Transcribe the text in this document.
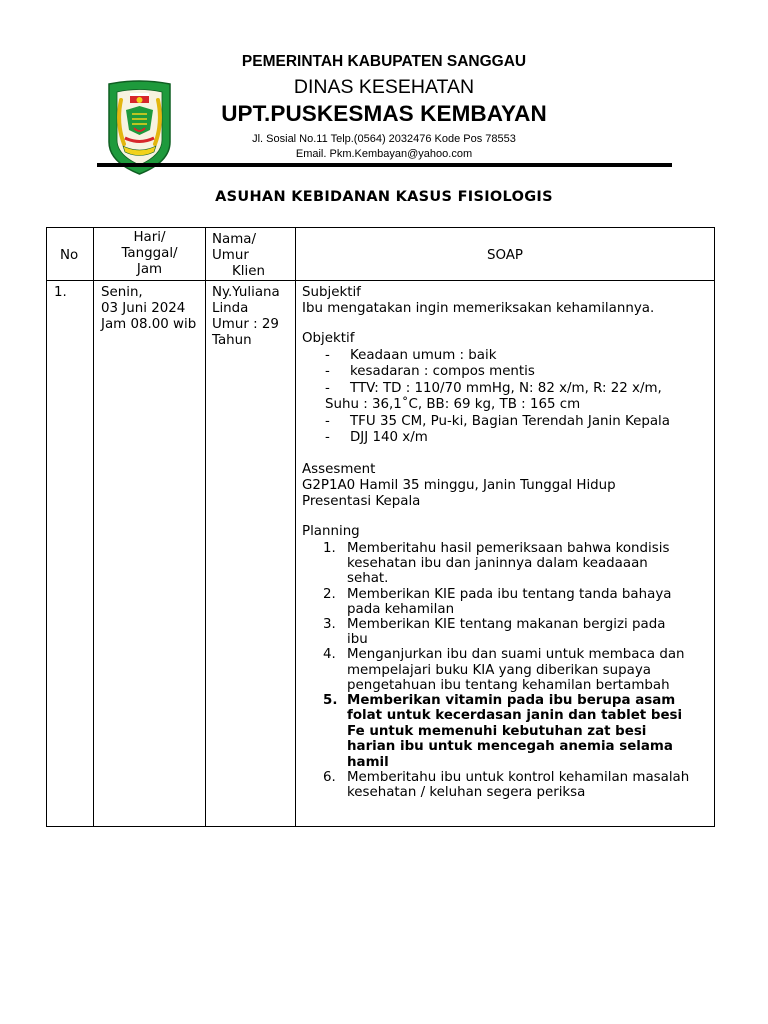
PEMERINTAH KABUPATEN SANGGAU
DINAS KESEHATAN
UPT.PUSKESMAS KEMBAYAN
Jl. Sosial No.11 Telp.(0564) 2032476 Kode Pos 78553
Email. Pkm.Kembayan@yahoo.com
ASUHAN KEBIDANAN KASUS FISIOLOGIS
No
Hari/
Tanggal/
Jam
Nama/
Umur
Klien
SOAP
1.	Senin,
03 Juni 2024
Jam 08.00 wib
Ny.Yuliana
Linda
Umur : 29
Tahun
Subjektif
Ibu mengatakan ingin memeriksakan kehamilannya.
Objektif
- Keadaan umum : baik
- kesadaran : compos mentis
- TTV: TD : 110/70 mmHg, N: 82 x/m, R: 22 x/m,
Suhu : 36,1˚C, BB: 69 kg, TB : 165 cm
- TFU 35 CM, Pu-ki, Bagian Terendah Janin Kepala
- DJJ 140 x/m
Assesment
G2P1A0 Hamil 35 minggu, Janin Tunggal Hidup
Presentasi Kepala
Planning
1. Memberitahu hasil pemeriksaan bahwa kondisis
kesehatan ibu dan janinnya dalam keadaaan
sehat.
2. Memberikan KIE pada ibu tentang tanda bahaya
pada kehamilan
3. Memberikan KIE tentang makanan bergizi pada
ibu
4. Menganjurkan ibu dan suami untuk membaca dan
mempelajari buku KIA yang diberikan supaya
pengetahuan ibu tentang kehamilan bertambah
5. Memberikan vitamin pada ibu berupa asam
folat untuk kecerdasan janin dan tablet besi
Fe untuk memenuhi kebutuhan zat besi
harian ibu untuk mencegah anemia selama
hamil
6. Memberitahu ibu untuk kontrol kehamilan masalah
kesehatan / keluhan segera periksa
